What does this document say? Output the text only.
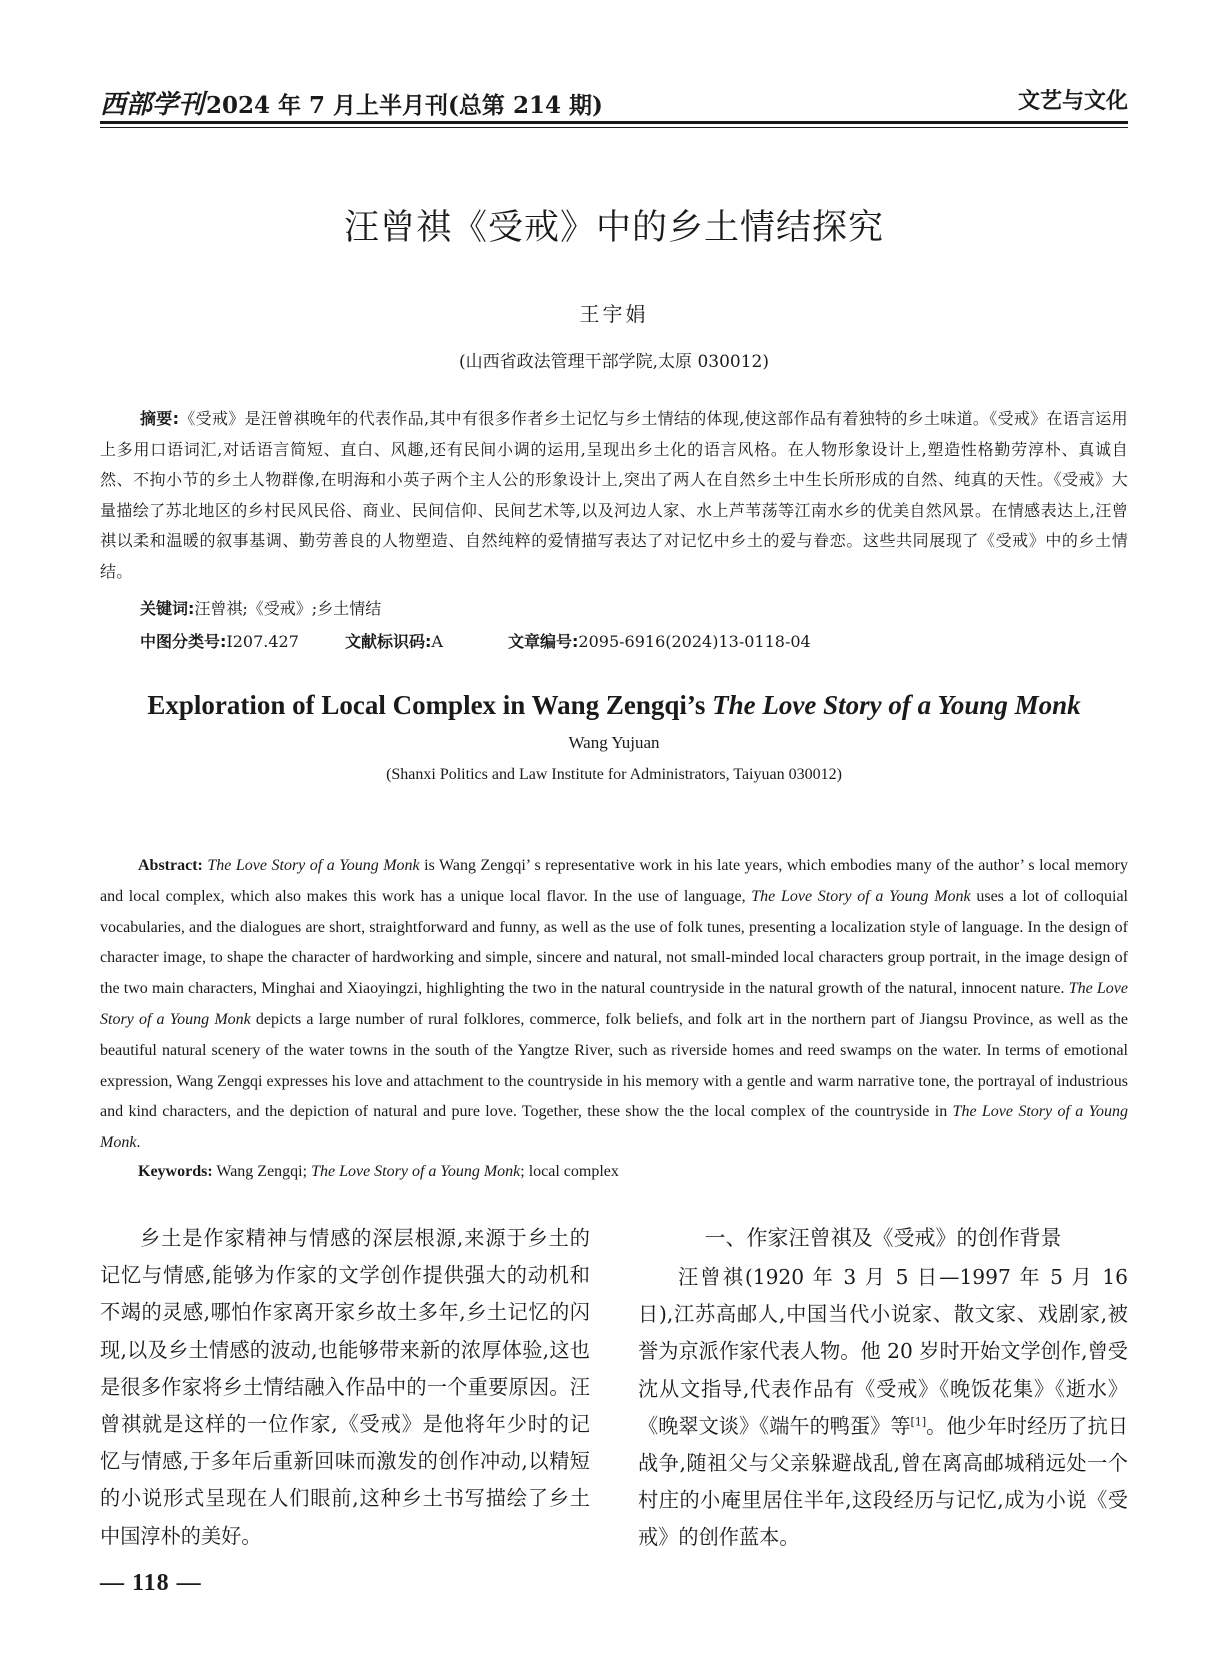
西部学刊2024 年 7 月上半月刊(总第 214 期)	文艺与文化
汪曾祺《受戒》中的乡土情结探究
王宇娟
(山西省政法管理干部学院,太原 030012)
摘要:《受戒》是汪曾祺晚年的代表作品,其中有很多作者乡土记忆与乡土情结的体现,使这部作品有着独特的乡土味道。《受戒》在语言运用上多用口语词汇,对话语言简短、直白、风趣,还有民间小调的运用,呈现出乡土化的语言风格。在人物形象设计上,塑造性格勤劳淳朴、真诚自然、不拘小节的乡土人物群像,在明海和小英子两个主人公的形象设计上,突出了两人在自然乡土中生长所形成的自然、纯真的天性。《受戒》大量描绘了苏北地区的乡村民风民俗、商业、民间信仰、民间艺术等,以及河边人家、水上芦苇荡等江南水乡的优美自然风景。在情感表达上,汪曾祺以柔和温暖的叙事基调、勤劳善良的人物塑造、自然纯粹的爱情描写表达了对记忆中乡土的爱与眷恋。这些共同展现了《受戒》中的乡土情结。
关键词:汪曾祺;《受戒》;乡土情结
中图分类号:I207.427	文献标识码:A	文章编号:2095-6916(2024)13-0118-04
Exploration of Local Complex in Wang Zengqi’s The Love Story of a Young Monk
Wang Yujuan
(Shanxi Politics and Law Institute for Administrators, Taiyuan 030012)
Abstract: The Love Story of a Young Monk is Wang Zengqi’ s representative work in his late years, which embodies many of the author’ s local memory and local complex, which also makes this work has a unique local flavor. In the use of language, The Love Story of a Young Monk uses a lot of colloquial vocabularies, and the dialogues are short, straightforward and funny, as well as the use of folk tunes, presenting a localization style of language. In the design of character image, to shape the character of hardworking and simple, sincere and natural, not small-minded local characters group portrait, in the image design of the two main characters, Minghai and Xiaoyingzi, highlighting the two in the natural countryside in the natural growth of the natural, innocent nature. The Love Story of a Young Monk depicts a large number of rural folklores, commerce, folk beliefs, and folk art in the northern part of Jiangsu Province, as well as the beautiful natural scenery of the water towns in the south of the Yangtze River, such as riverside homes and reed swamps on the water. In terms of emotional expression, Wang Zengqi expresses his love and attachment to the countryside in his memory with a gentle and warm narrative tone, the portrayal of industrious and kind characters, and the depiction of natural and pure love. Together, these show the the local complex of the countryside in The Love Story of a Young Monk.
Keywords: Wang Zengqi; The Love Story of a Young Monk; local complex

乡土是作家精神与情感的深层根源,来源于乡土的记忆与情感,能够为作家的文学创作提供强大的动机和不竭的灵感,哪怕作家离开家乡故土多年,乡土记忆的闪现,以及乡土情感的波动,也能够带来新的浓厚体验,这也是很多作家将乡土情结融入作品中的一个重要原因。汪曾祺就是这样的一位作家,《受戒》是他将年少时的记忆与情感,于多年后重新回味而激发的创作冲动,以精短的小说形式呈现在人们眼前,这种乡土书写描绘了乡土中国淳朴的美好。

一、作家汪曾祺及《受戒》的创作背景

汪曾祺(1920 年 3 月 5 日—1997 年 5 月 16 日),江苏高邮人,中国当代小说家、散文家、戏剧家,被誉为京派作家代表人物。他 20 岁时开始文学创作,曾受沈从文指导,代表作品有《受戒》《晚饭花集》《逝水》《晚翠文谈》《端午的鸭蛋》等[1]。他少年时经历了抗日战争,随祖父与父亲躲避战乱,曾在离高邮城稍远处一个村庄的小庵里居住半年,这段经历与记忆,成为小说《受戒》的创作蓝本。

— 118 —
